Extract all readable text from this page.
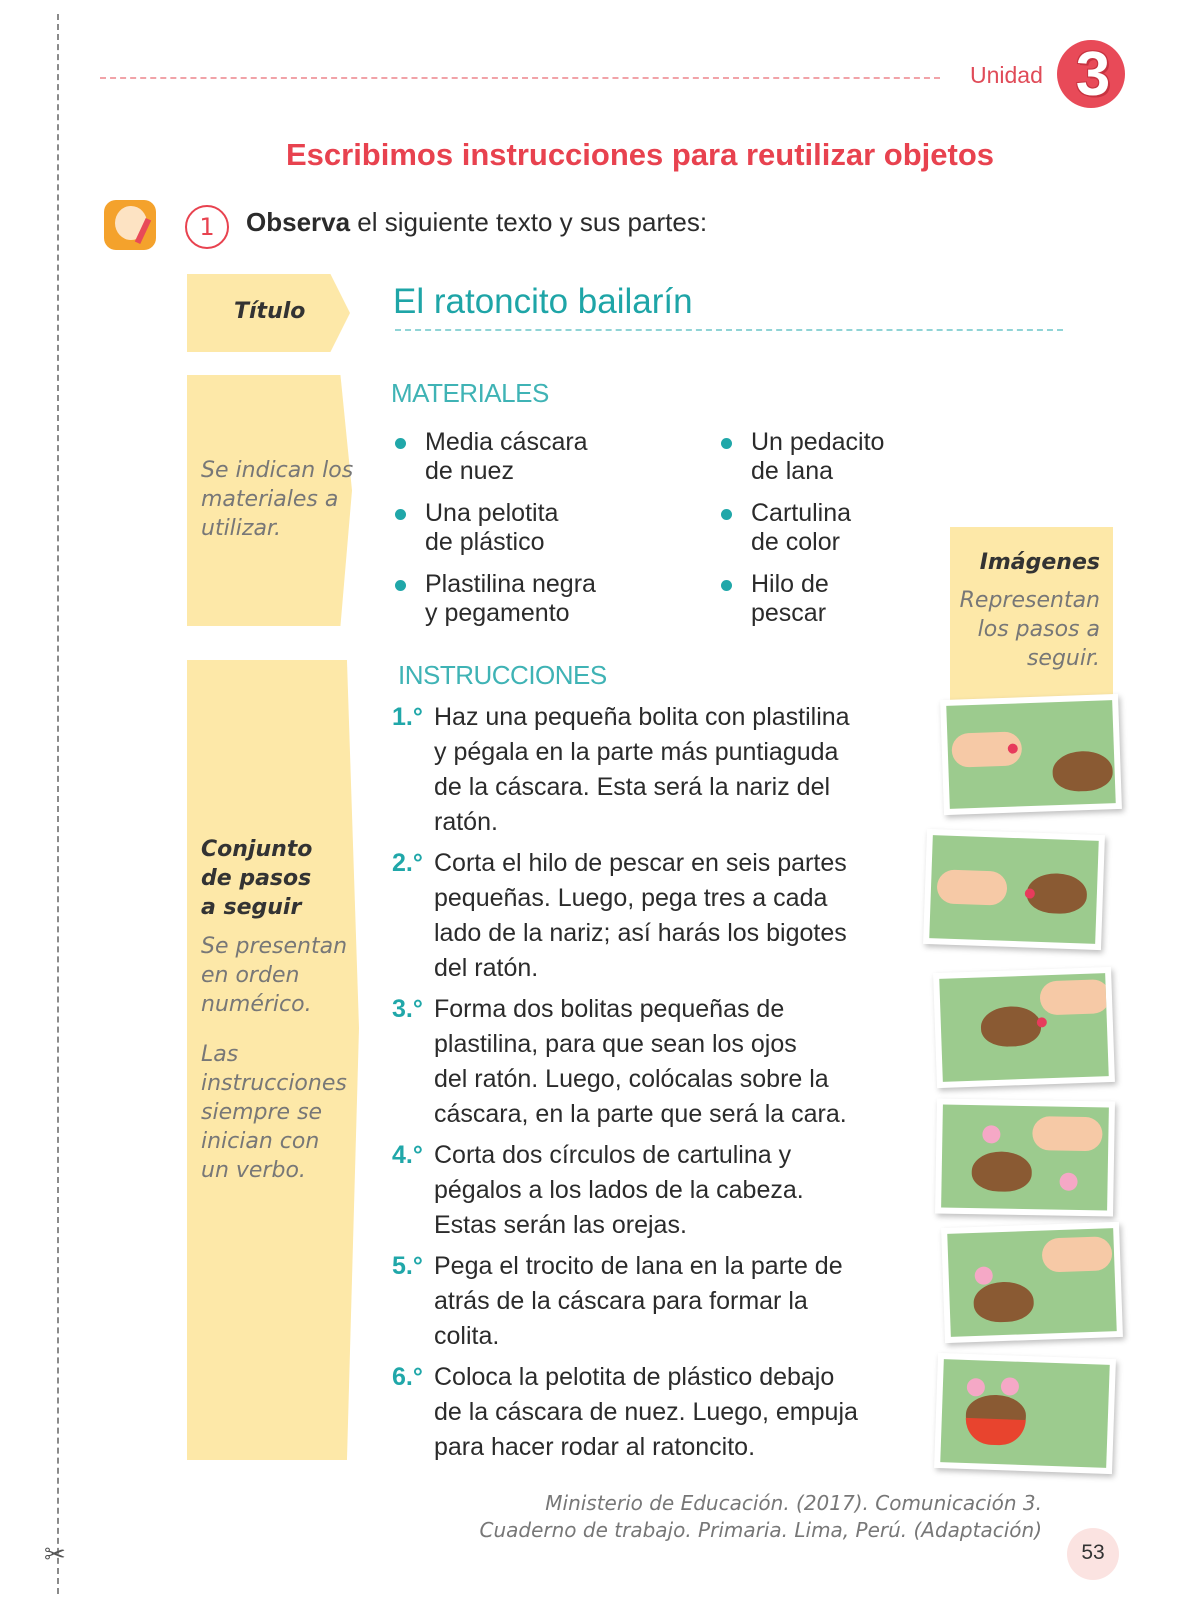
✂
Unidad 3
Escribimos instrucciones para reutilizar objetos
1	Observa el siguiente texto y sus partes:
Título
Se indican los
materiales a
utilizar.
Conjunto
de pasos
a seguir
Se presentan
en orden
numérico.
Las
instrucciones
siempre se
inician con
un verbo.
Imágenes
Representan
los pasos a
seguir.
El ratoncito bailarín
MATERIALES
Media cáscara
de nuez
Una pelotita
de plástico
Plastilina negra
y pegamento
Un pedacito
de lana
Cartulina
de color
Hilo de
pescar
INSTRUCCIONES
1.° Haz una pequeña bolita con plastilina
y pégala en la parte más puntiaguda
de la cáscara. Esta será la nariz del
ratón.
2.° Corta el hilo de pescar en seis partes
pequeñas. Luego, pega tres a cada
lado de la nariz; así harás los bigotes
del ratón.
3.° Forma dos bolitas pequeñas de
plastilina, para que sean los ojos
del ratón. Luego, colócalas sobre la
cáscara, en la parte que será la cara.
4.° Corta dos círculos de cartulina y
pégalos a los lados de la cabeza.
Estas serán las orejas.
5.° Pega el trocito de lana en la parte de
atrás de la cáscara para formar la
colita.
6.° Coloca la pelotita de plástico debajo
de la cáscara de nuez. Luego, empuja
para hacer rodar al ratoncito.
Ministerio de Educación. (2017). Comunicación 3.
Cuaderno de trabajo. Primaria. Lima, Perú. (Adaptación)
53
